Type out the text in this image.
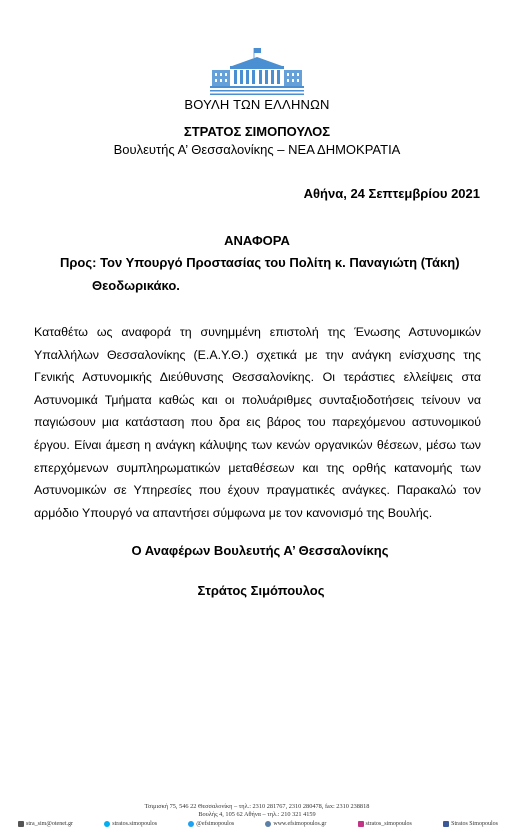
ΒΟΥΛΗ ΤΩΝ ΕΛΛΗΝΩΝ
ΣΤΡΑΤΟΣ ΣΙΜΟΠΟΥΛΟΣ
Βουλευτής Α’ Θεσσαλονίκης – ΝΕΑ ΔΗΜΟΚΡΑΤΙΑ
Αθήνα, 24 Σεπτεμβρίου 2021
ΑΝΑΦΟΡΑ
Προς: Τον Υπουργό Προστασίας του Πολίτη κ. Παναγιώτη (Τάκη)
Θεοδωρικάκο.
Καταθέτω ως αναφορά τη συνημμένη επιστολή της Ένωσης Αστυνομικών Υπαλλήλων Θεσσαλονίκης (Ε.Α.Υ.Θ.) σχετικά με την ανάγκη ενίσχυσης της Γενικής Αστυνομικής Διεύθυνσης Θεσσαλονίκης. Οι τεράστιες ελλείψεις στα Αστυνομικά Τμήματα καθώς και οι πολυάριθμες συνταξιοδοτήσεις τείνουν να παγιώσουν μια κατάσταση που δρα εις βάρος του παρεχόμενου αστυνομικού έργου. Είναι άμεση η ανάγκη κάλυψης των κενών οργανικών θέσεων, μέσω των επερχόμενων συμπληρωματικών μεταθέσεων και της ορθής κατανομής των Αστυνομικών σε Υπηρεσίες που έχουν πραγματικές ανάγκες. Παρακαλώ τον αρμόδιο Υπουργό να απαντήσει σύμφωνα με τον κανονισμό της Βουλής.
Ο Αναφέρων Βουλευτής Α’ Θεσσαλονίκης
Στράτος Σιμόπουλος
Τσιμισκή 75, 546 22 Θεσσαλονίκη – τηλ.: 2310 281767, 2310 280478, fax: 2310 238818
Βουλής 4, 105 62 Αθήνα – τηλ.: 210 321 4159
stra_sim@otenet.gr	stratos.simopoulos	@efsimopoulos	www.efsimopoulos.gr	stratos_simopoulos	Stratos Simopoulos
